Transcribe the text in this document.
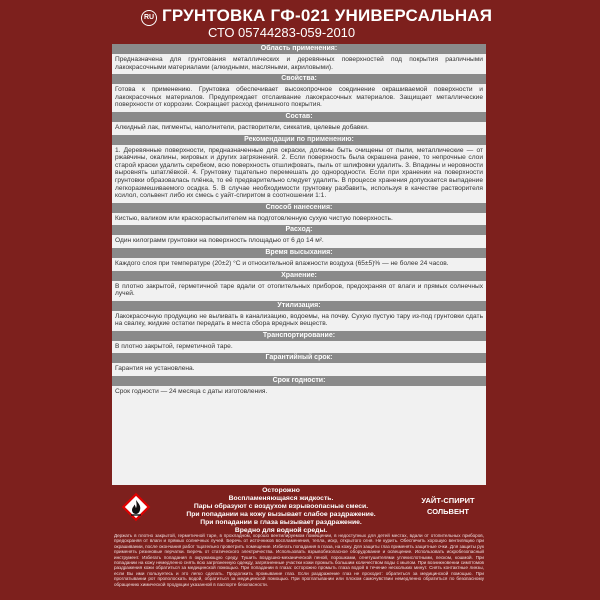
RU ГРУНТОВКА ГФ-021 УНИВЕРСАЛЬНАЯ
СТО 05744283-059-2010
Область применения:
Предназначена для грунтования металлических и деревянных поверхностей под покрытия различными лакокрасочными материалами (алкидными, масляными, акриловыми).
Свойства:
Готова к применению. Грунтовка обеспечивает высокопрочное соединение окрашиваемой поверхности и лакокрасочных материалов. Предупреждает отслаивание лакокрасочных материалов. Защищает металлические поверхности от коррозии. Сокращает расход финишного покрытия.
Состав:
Алкидный лак, пигменты, наполнители, растворители, сиккатив, целевые добавки.
Рекомендации по применению:
1. Деревянные поверхности, предназначенные для окраски, должны быть очищены от пыли, металлические — от ржавчины, окалины, жировых и других загрязнений. 2. Если поверхность была окрашена ранее, то непрочные слои старой краски удалить скребком, всю поверхность отшлифовать, пыль от шлифовки удалить. 3. Впадины и неровности выровнять шпатлёвкой. 4. Грунтовку тщательно перемешать до однородности. Если при хранении на поверхности грунтовки образовалась плёнка, то её предварительно следует удалить. В процессе хранения допускается выпадение легкоразмешиваемого осадка. 5. В случае необходимости грунтовку разбавить, используя в качестве растворителя ксилол, сольвент либо их смесь с уайт-спиритом в соотношении 1:1.
Способ нанесения:
Кистью, валиком или краскораспылителем на подготовленную сухую чистую поверхность.
Расход:
Один килограмм грунтовки на поверхность площадью от 6 до 14 м².
Время высыхания:
Каждого слоя при температуре (20±2) °С и относительной влажности воздуха (65±5)% — не более 24 часов.
Хранение:
В плотно закрытой, герметичной таре вдали от отопительных приборов, предохраняя от влаги и прямых солнечных лучей.
Утилизация:
Лакокрасочную продукцию не выливать в канализацию, водоемы, на почву. Сухую пустую тару из-под грунтовки сдать на свалку, жидкие остатки передать в места сбора вредных веществ.
Транспортирование:
В плотно закрытой, герметичной таре.
Гарантийный срок:
Гарантия не установлена.
Срок годности:
Срок годности — 24 месяца с даты изготовления.
Осторожно
Воспламеняющаяся жидкость.
Пары образуют с воздухом взрывоопасные смеси.
При попадании на кожу вызывает слабое раздражение.
При попадании в глаза вызывает раздражение.
Вредно для водной среды.
УАЙТ-СПИРИТ
СОЛЬВЕНТ
Держать в плотно закрытой, герметичной таре, в прохладном, хорошо вентилируемом помещении, в недоступных для детей местах, вдали от отопительных приборов, предохраняя от влаги и прямых солнечных лучей. Беречь от источников воспламенения, тепла, искр, открытого огня. Не курить. Обеспечить хорошую вентиляцию при окрашивании, после окончания работ тщательно проветрить помещение. Избегать попадания в глаза, на кожу. Для защиты глаз применять защитные очки. Для защиты рук применять резиновые перчатки. Беречь от статического электричества. Использовать взрывобезопасное оборудование и освещение. Использовать искробезопасный инструмент. Избегать попадания в окружающую среду. Тушить воздушно-механической пеной, порошками, огнетушителями углекислотными, песком, кошмой. При попадании на кожу немедленно снять всю загрязненную одежду, загрязненные участки кожи промыть большим количеством воды с мылом. При возникновении симптомов раздражения кожи обратиться за медицинской помощью. При попадании в глаза: осторожно промыть глаза водой в течение нескольких минут. Снять контактные линзы, если Вы ими пользуетесь и это легко сделать. Продолжить промывание глаз. Если раздражение глаз не проходит: обратиться за медицинской помощью. При проглатывании рот прополоскать водой, обратиться за медицинской помощью. При проглатывании или плохом самочувствии немедленно обратиться по безопасному обращению химической продукции указанной в паспорте безопасности.
